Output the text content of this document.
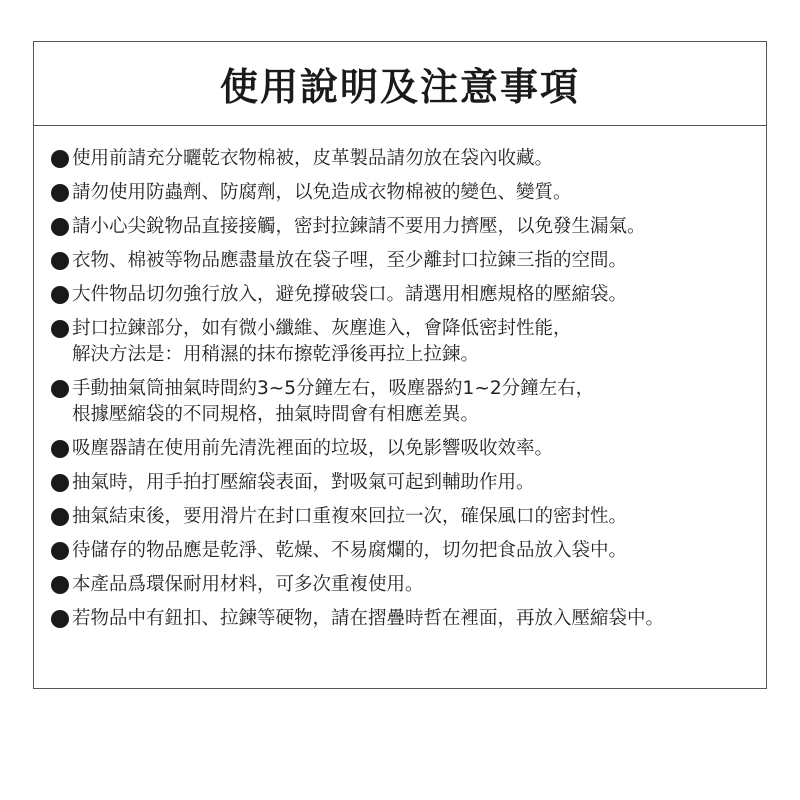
使用說明及注意事項
使用前請充分曬乾衣物棉被，皮革製品請勿放在袋內收藏。
請勿使用防蟲劑、防腐劑，以免造成衣物棉被的變色、變質。
請小心尖銳物品直接接觸，密封拉鍊請不要用力擠壓，以免發生漏氣。
衣物、棉被等物品應盡量放在袋子哩，至少離封口拉鍊三指的空間。
大件物品切勿強行放入，避免撐破袋口。請選用相應規格的壓縮袋。
封口拉鍊部分，如有微小纖維、灰塵進入，會降低密封性能，
解決方法是：用稍濕的抹布擦乾淨後再拉上拉鍊。
手動抽氣筒抽氣時間約3~5分鐘左右，吸塵器約1~2分鐘左右，
根據壓縮袋的不同規格，抽氣時間會有相應差異。
吸塵器請在使用前先清洗裡面的垃圾，以免影響吸收效率。
抽氣時，用手拍打壓縮袋表面，對吸氣可起到輔助作用。
抽氣結束後，要用滑片在封口重複來回拉一次，確保風口的密封性。
待儲存的物品應是乾淨、乾燥、不易腐爛的，切勿把食品放入袋中。
本產品爲環保耐用材料，可多次重複使用。
若物品中有鈕扣、拉鍊等硬物，請在摺疊時哲在裡面，再放入壓縮袋中。
